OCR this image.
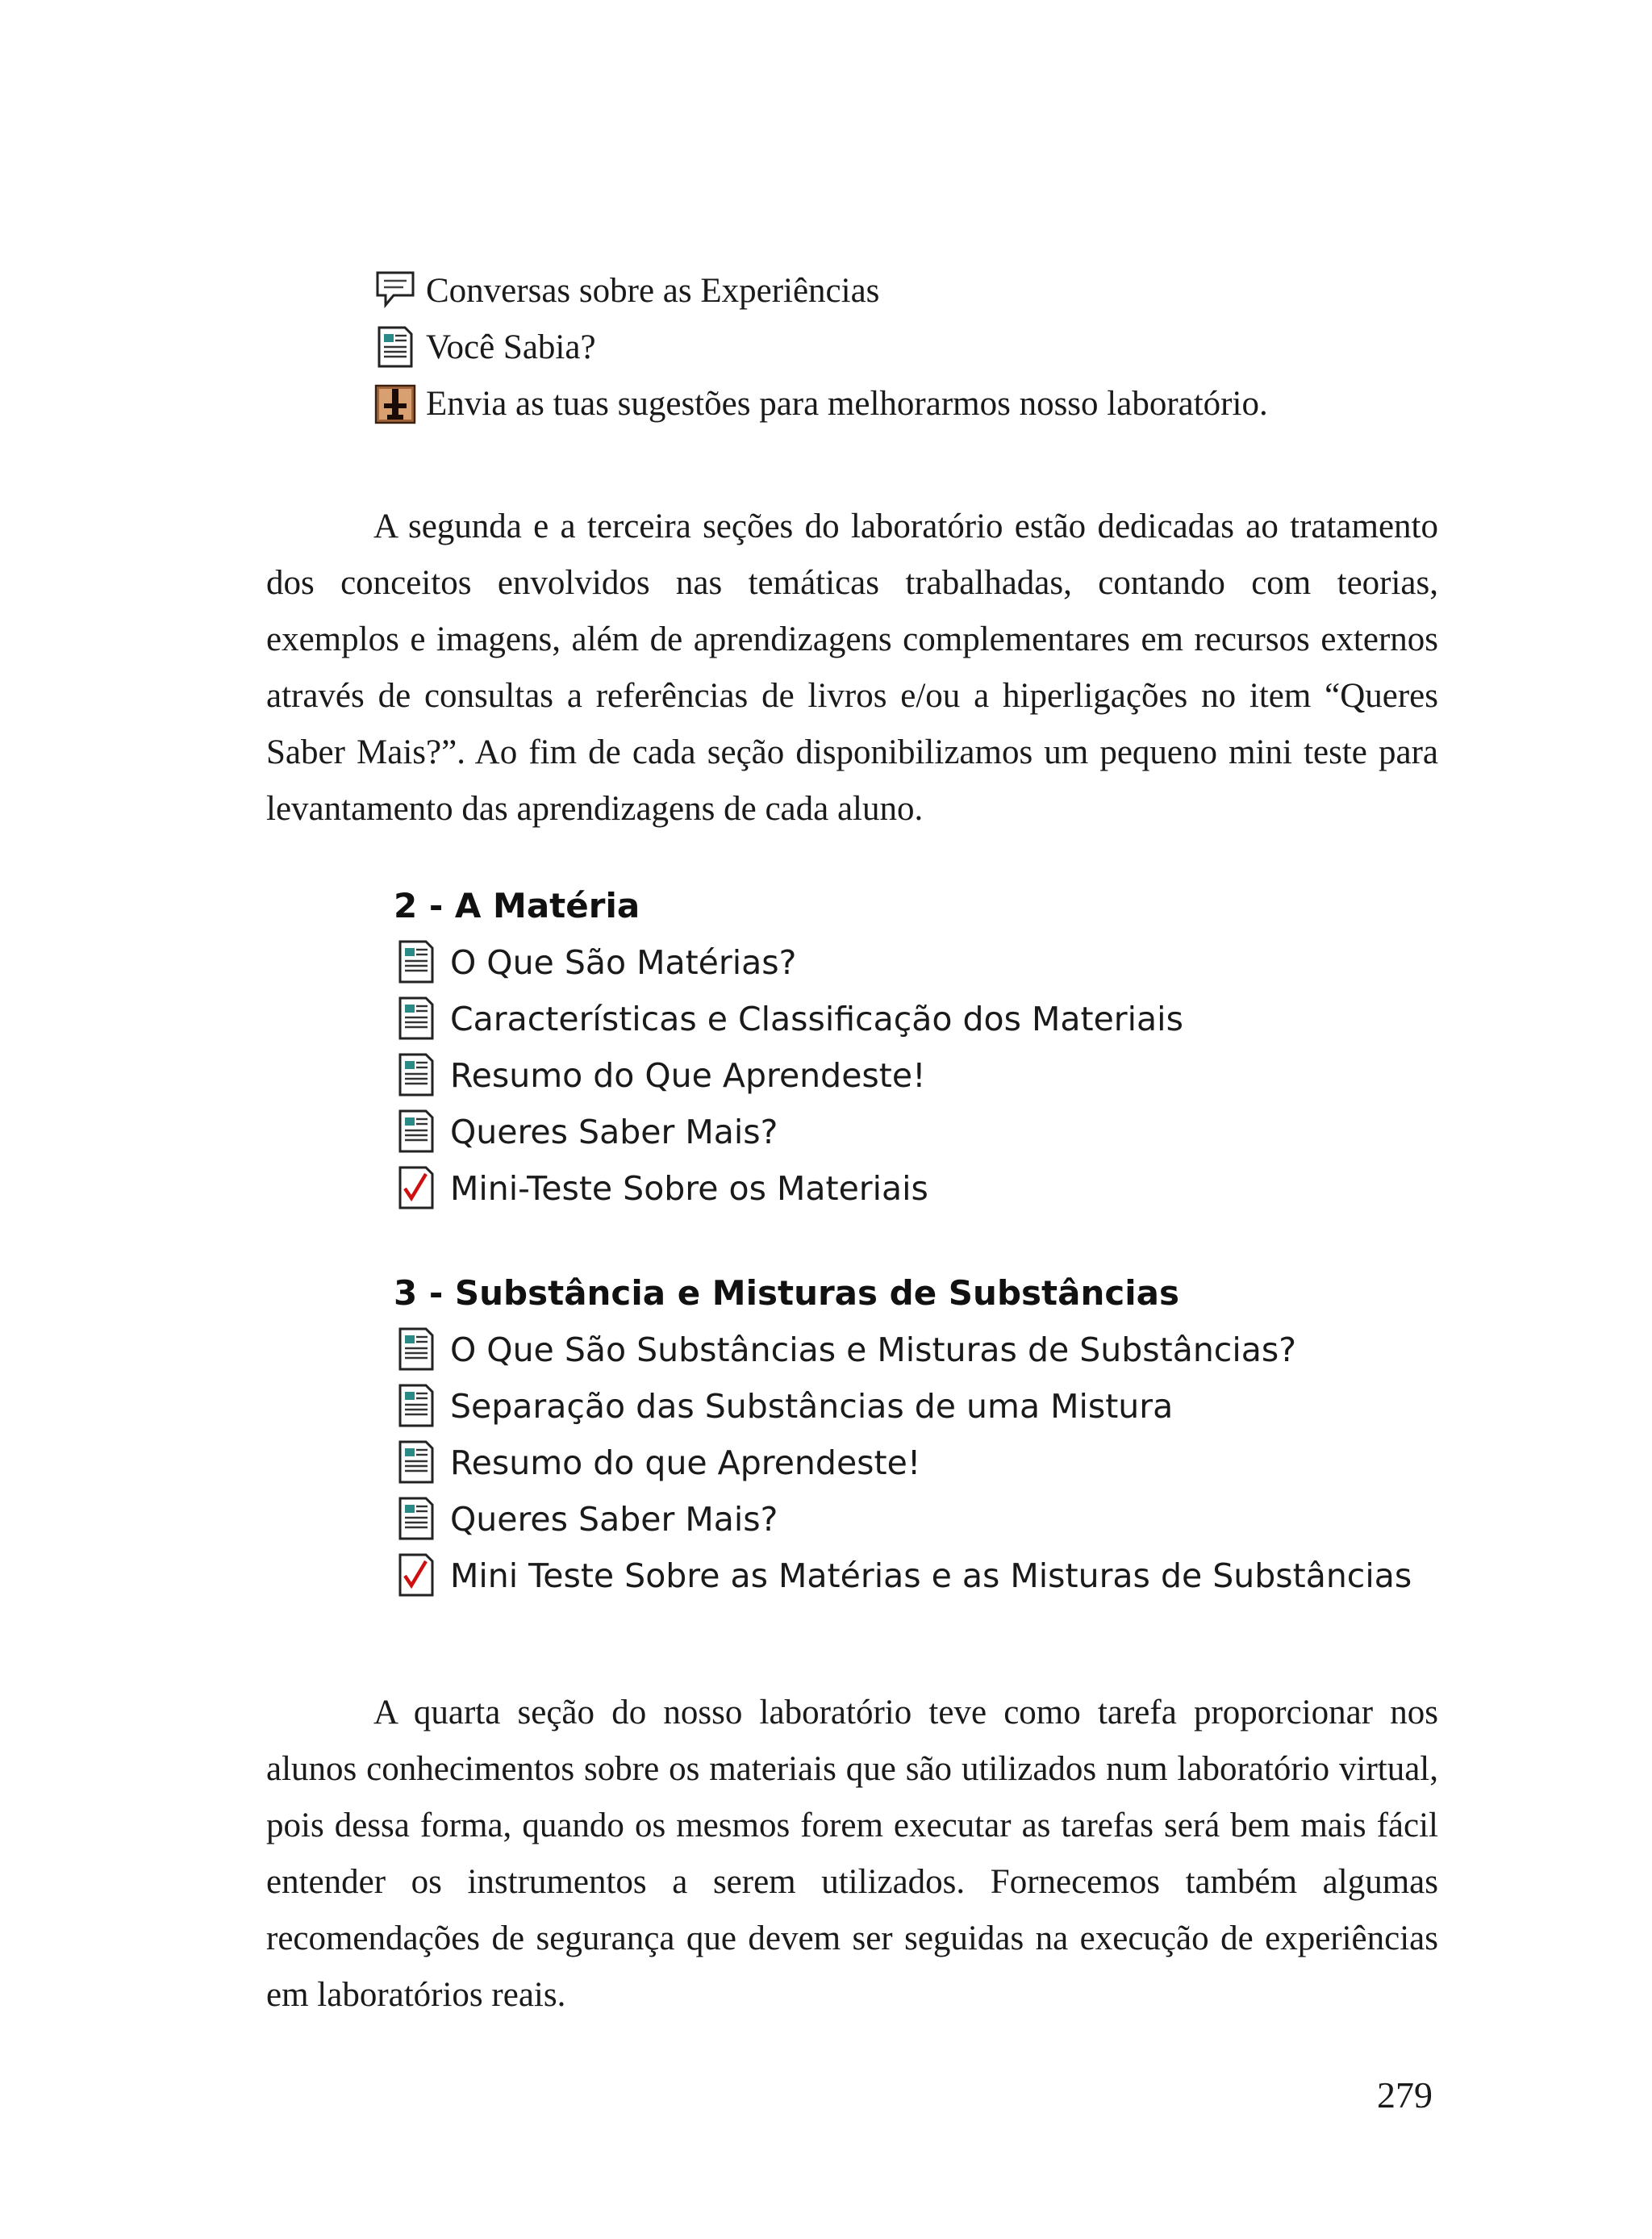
Conversas sobre as Experiências
Você Sabia?
Envia as tuas sugestões para melhorarmos nosso laboratório.

A segunda e a terceira seções do laboratório estão dedicadas ao tratamento dos conceitos envolvidos nas temáticas trabalhadas, contando com teorias, exemplos e imagens, além de aprendizagens complementares em recursos externos através de consultas a referências de livros e/ou a hiperligações no item “Queres Saber Mais?”. Ao fim de cada seção disponibilizamos um pequeno mini teste para levantamento das aprendizagens de cada aluno.

2 - A Matéria
O Que São Matérias?
Características e Classificação dos Materiais
Resumo do Que Aprendeste!
Queres Saber Mais?
Mini-Teste Sobre os Materiais
3 - Substância e Misturas de Substâncias
O Que São Substâncias e Misturas de Substâncias?
Separação das Substâncias de uma Mistura
Resumo do que Aprendeste!
Queres Saber Mais?
Mini Teste Sobre as Matérias e as Misturas de Substâncias

A quarta seção do nosso laboratório teve como tarefa proporcionar nos alunos conhecimentos sobre os materiais que são utilizados num laboratório virtual, pois dessa forma, quando os mesmos forem executar as tarefas será bem mais fácil entender os instrumentos a serem utilizados. Fornecemos também algumas recomendações de segurança que devem ser seguidas na execução de experiências em laboratórios reais.

279
